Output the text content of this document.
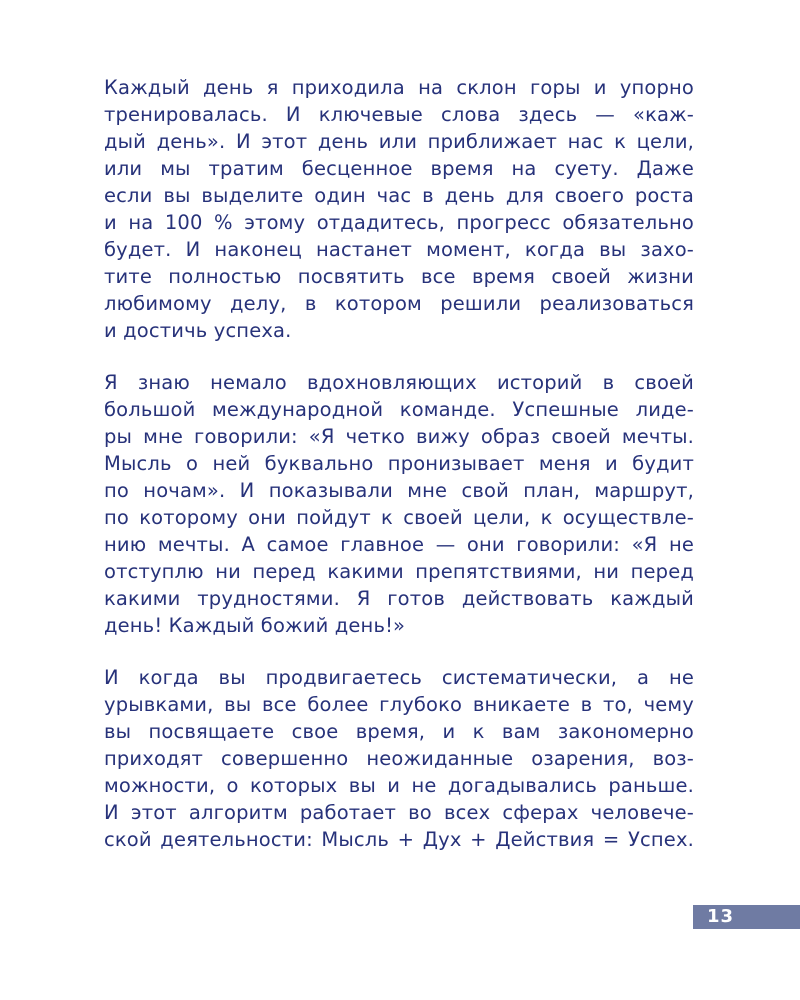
Каждый день я приходила на склон горы и упорно
тренировалась. И ключевые слова здесь — «каж-
дый день». И этот день или приближает нас к цели,
или мы тратим бесценное время на суету. Даже
если вы выделите один час в день для своего роста
и на 100 % этому отдадитесь, прогресс обязательно
будет. И наконец настанет момент, когда вы захо-
тите полностью посвятить все время своей жизни
любимому делу, в котором решили реализоваться
и достичь успеха.
Я знаю немало вдохновляющих историй в своей
большой международной команде. Успешные лиде-
ры мне говорили: «Я четко вижу образ своей мечты.
Мысль о ней буквально пронизывает меня и будит
по ночам». И показывали мне свой план, маршрут,
по которому они пойдут к своей цели, к осуществле-
нию мечты. А самое главное — они говорили: «Я не
отступлю ни перед какими препятствиями, ни перед
какими трудностями. Я готов действовать каждый
день! Каждый божий день!»
И когда вы продвигаетесь систематически, а не
урывками, вы все более глубоко вникаете в то, чему
вы посвящаете свое время, и к вам закономерно
приходят совершенно неожиданные озарения, воз-
можности, о которых вы и не догадывались раньше.
И этот алгоритм работает во всех сферах человече-
ской деятельности: Мысль + Дух + Действия = Успех.
13
